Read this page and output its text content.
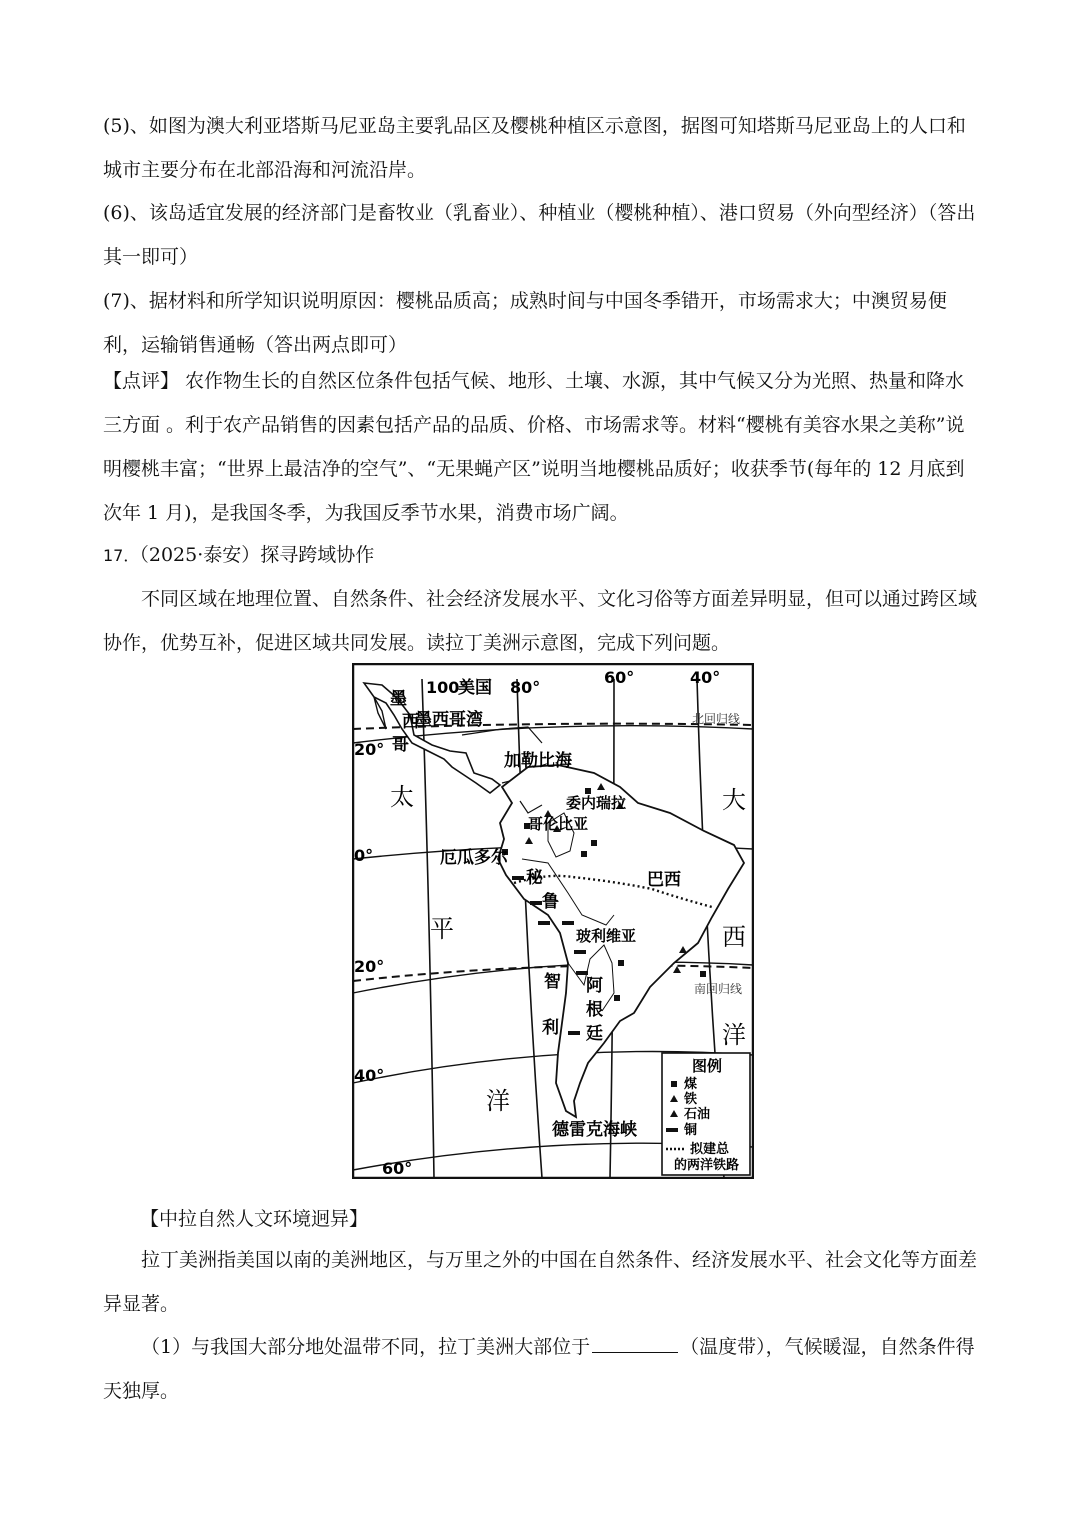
(5)、如图为澳大利亚塔斯马尼亚岛主要乳品区及樱桃种植区示意图，据图可知塔斯马尼亚岛上的人口和城市主要分布在北部沿海和河流沿岸。

(6)、该岛适宜发展的经济部门是畜牧业（乳畜业）、种植业（樱桃种植）、港口贸易（外向型经济）（答出其一即可）

(7)、据材料和所学知识说明原因：樱桃品质高；成熟时间与中国冬季错开，市场需求大；中澳贸易便利，运输销售通畅（答出两点即可）

【点评】 农作物生长的自然区位条件包括气候、地形、土壤、水源，其中气候又分为光照、热量和降水三方面 。利于农产品销售的因素包括产品的品质、价格、市场需求等。材料“樱桃有美容水果之美称”说明樱桃丰富；“世界上最洁净的空气”、“无果蝇产区”说明当地樱桃品质好；收获季节(每年的 12 月底到次年 1 月)，是我国冬季，为我国反季节水果，消费市场广阔。

17．（2025·泰安）探寻跨域协作

不同区域在地理位置、自然条件、社会经济发展水平、文化习俗等方面差异明显，但可以通过跨区域协作，优势互补，促进区域共同发展。读拉丁美洲示意图，完成下列问题。

100°	80°
60°	40°
20°
0°
20°
40°
60°
北回归线
南回归线
美国
墨
西
哥
墨西哥湾
加勒比海
委内瑞拉
哥伦比亚
厄瓜多尔
秘
鲁
巴西
玻利维亚
智
利
阿
根
廷
德雷克海峡
太
平
洋
大
西
洋
图例
煤
铁
石油
铜
拟建总
的两洋铁路

【中拉自然人文环境迥异】

拉丁美洲指美国以南的美洲地区，与万里之外的中国在自然条件、经济发展水平、社会文化等方面差异显著。

（1）与我国大部分地处温带不同，拉丁美洲大部位于	（温度带），气候暖湿，自然条件得天独厚。
